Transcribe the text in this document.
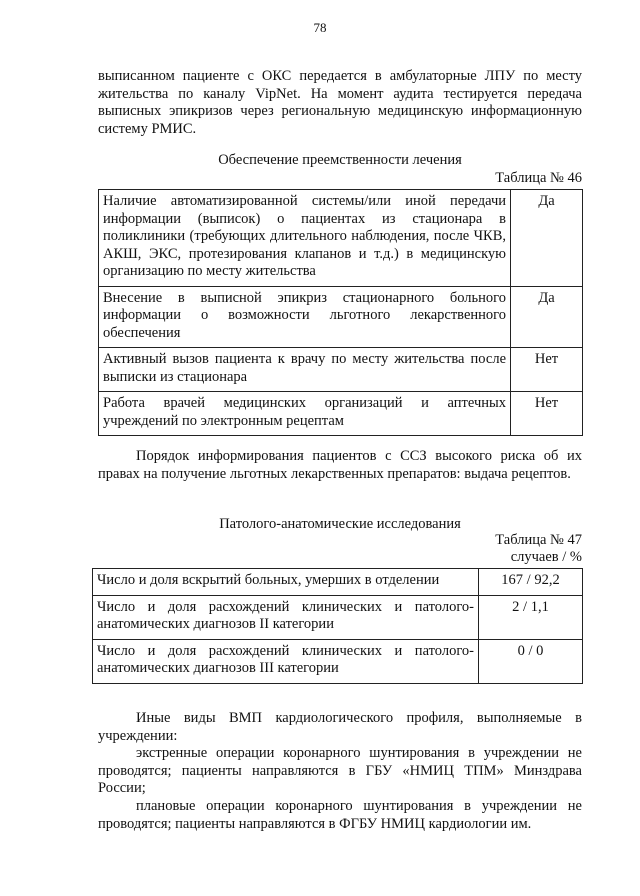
78

выписанном пациенте с ОКС передается в амбулаторные ЛПУ по месту жительства по каналу VipNet. На момент аудита тестируется передача выписных эпикризов через региональную медицинскую информационную систему РМИС.

Обеспечение преемственности лечения

Таблица № 46

Наличие автоматизированной системы/или иной передачи информации (выписок) о пациентах из стационара в поликлиники (требующих длительного наблюдения, после ЧКВ, АКШ, ЭКС, протезирования клапанов и т.д.) в медицинскую организацию по месту жительства	Да
Внесение в выписной эпикриз стационарного больного информации о возможности льготного лекарственного обеспечения	Да
Активный вызов пациента к врачу по месту жительства после выписки из стационара	Нет
Работа врачей медицинских организаций и аптечных учреждений по электронным рецептам	Нет

Порядок информирования пациентов с ССЗ высокого риска об их правах на получение льготных лекарственных препаратов: выдача рецептов.

Патолого-анатомические исследования

Таблица № 47

случаев / %

Число и доля вскрытий больных, умерших в отделении	167 / 92,2
Число и доля расхождений клинических и патолого-анатомических диагнозов II категории	2 / 1,1
Число и доля расхождений клинических и патолого-анатомических диагнозов III категории	0 / 0

Иные виды ВМП кардиологического профиля, выполняемые в учреждении:

экстренные операции коронарного шунтирования в учреждении не проводятся; пациенты направляются в ГБУ «НМИЦ ТПМ» Минздрава России;

плановые операции коронарного шунтирования в учреждении не проводятся; пациенты направляются в ФГБУ НМИЦ кардиологии им.
